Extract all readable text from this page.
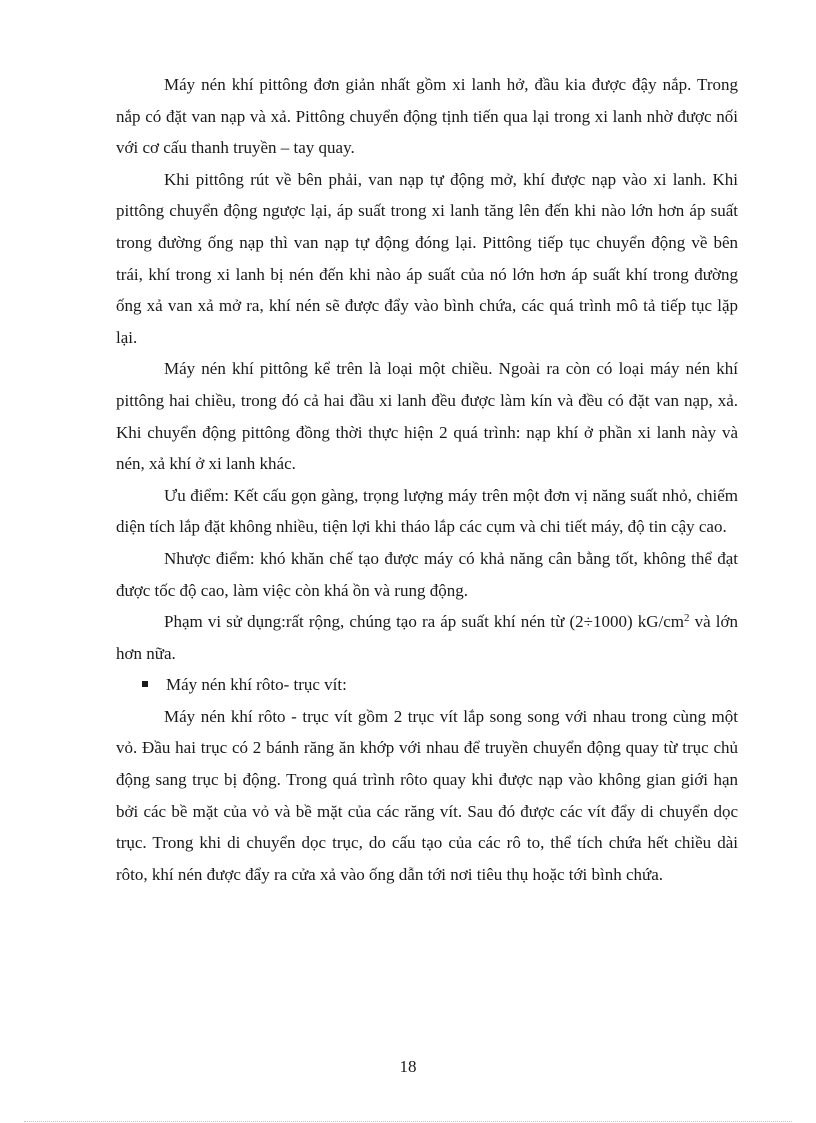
Máy nén khí pittông đơn giản nhất gồm xi lanh hở, đầu kia được đậy nắp. Trong nắp có đặt van nạp và xả. Pittông chuyển động tịnh tiến qua lại trong xi lanh nhờ được nối với cơ cấu thanh truyền – tay quay.

Khi pittông rút về bên phải, van nạp tự động mở, khí được nạp vào xi lanh. Khi pittông chuyển động ngược lại, áp suất trong xi lanh tăng lên đến khi nào lớn hơn áp suất trong đường ống nạp thì van nạp tự động đóng lại. Pittông tiếp tục chuyển động về bên trái, khí trong xi lanh bị nén đến khi nào áp suất của nó lớn hơn áp suất khí trong đường ống xả van xả mở ra, khí nén sẽ được đẩy vào bình chứa, các quá trình mô tả tiếp tục lặp lại.

Máy nén khí pittông kể trên là loại một chiều. Ngoài ra còn có loại máy nén khí pittông hai chiều, trong đó cả hai đầu xi lanh đều được làm kín và đều có đặt van nạp, xả. Khi chuyển động pittông đồng thời thực hiện 2 quá trình: nạp khí ở phần xi lanh này và nén, xả khí ở xi lanh khác.

Ưu điểm: Kết cấu gọn gàng, trọng lượng máy trên một đơn vị năng suất nhỏ, chiếm diện tích lắp đặt không nhiều, tiện lợi khi tháo lắp các cụm và chi tiết máy, độ tin cậy cao.

Nhược điểm: khó khăn chế tạo được máy có khả năng cân bằng tốt, không thể đạt được tốc độ cao, làm việc còn khá ồn và rung động.

Phạm vi sử dụng:rất rộng, chúng tạo ra áp suất khí nén từ (2÷1000) $kG/cm^2$ và lớn hơn nữa.

Máy nén khí rôto- trục vít:

Máy nén khí rôto - trục vít gồm 2 trục vít lắp song song với nhau trong cùng một vỏ. Đầu hai trục có 2 bánh răng ăn khớp với nhau để truyền chuyển động quay từ trục chủ động sang trục bị động. Trong quá trình rôto quay khi được nạp vào không gian giới hạn bởi các bề mặt của vỏ và bề mặt của các răng vít. Sau đó được các vít đẩy di chuyển dọc trục. Trong khi di chuyển dọc trục, do cấu tạo của các rô to, thể tích chứa hết chiều dài rôto, khí nén được đẩy ra cửa xả vào ống dẫn tới nơi tiêu thụ hoặc tới bình chứa.

18
